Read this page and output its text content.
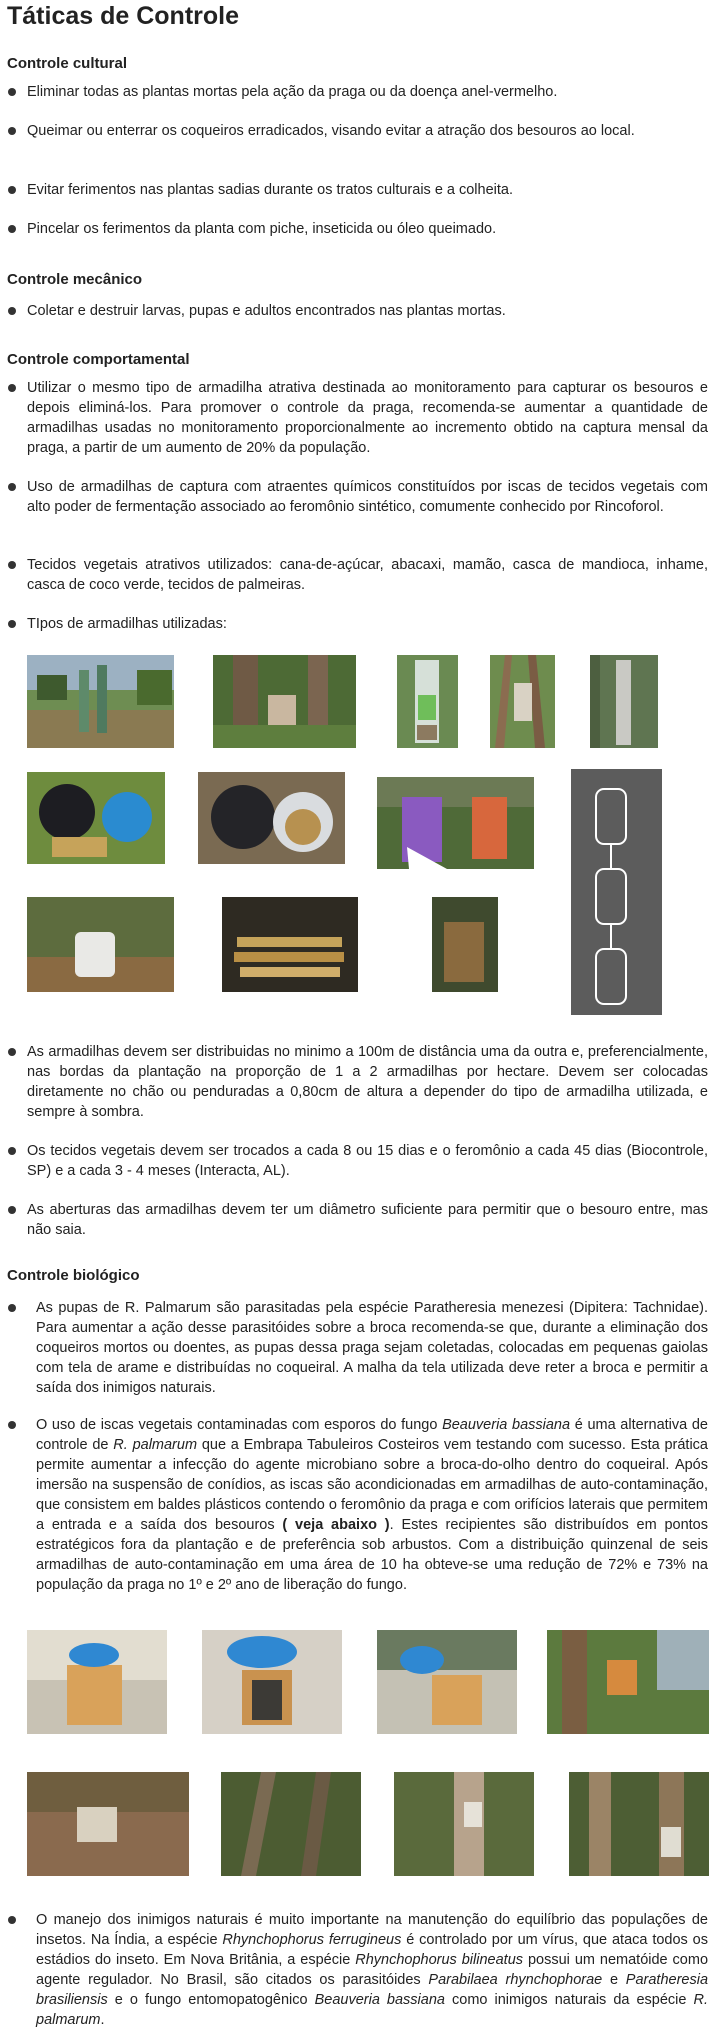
Táticas de Controle
Controle cultural

Eliminar todas as plantas mortas pela ação da praga ou da doença anel-vermelho.

Queimar ou enterrar os coqueiros erradicados, visando evitar a atração dos besouros ao local.

Evitar ferimentos nas plantas sadias durante os tratos culturais e a colheita.

Pincelar os ferimentos da planta com piche, inseticida ou óleo queimado.

Controle mecânico

Coletar e destruir larvas, pupas e adultos encontrados nas plantas mortas.

Controle comportamental

Utilizar o mesmo tipo de armadilha atrativa destinada ao monitoramento para capturar os besouros e depois eliminá-los. Para promover o controle da praga, recomenda-se aumentar a quantidade de armadilhas usadas no monitoramento proporcionalmente ao incremento obtido na captura mensal da praga, a partir de um aumento de 20% da população.

Uso de armadilhas de captura com atraentes químicos constituídos por iscas de tecidos vegetais com alto poder de fermentação associado ao feromônio sintético, comumente conhecido por Rincoforol.

Tecidos vegetais atrativos utilizados: cana-de-açúcar, abacaxi, mamão, casca de mandioca, inhame, casca de coco verde, tecidos de palmeiras.

TIpos de armadilhas utilizadas:

As armadilhas devem ser distribuidas no minimo a 100m de distância uma da outra e, preferencialmente, nas bordas da plantação na proporção de 1 a 2 armadilhas por hectare. Devem ser colocadas diretamente no chão ou penduradas a 0,80cm de altura a depender do tipo de armadilha utilizada, e sempre à sombra.

Os tecidos vegetais devem ser trocados a cada 8 ou 15 dias e o feromônio a cada 45 dias (Biocontrole, SP) e a cada 3 - 4 meses (Interacta, AL).

As aberturas das armadilhas devem ter um diâmetro suficiente para permitir que o besouro entre, mas não saia.

Controle biológico

As pupas de R. Palmarum são parasitadas pela espécie Paratheresia menezesi (Dipitera: Tachnidae). Para aumentar a ação desse parasitóides sobre a broca recomenda-se que, durante a eliminação dos coqueiros mortos ou doentes, as pupas dessa praga sejam coletadas, colocadas em pequenas gaiolas com tela de arame e distribuídas no coqueiral. A malha da tela utilizada deve reter a broca e permitir a saída dos inimigos naturais.

O uso de iscas vegetais contaminadas com esporos do fungo Beauveria bassiana é uma alternativa de controle de R. palmarum que a Embrapa Tabuleiros Costeiros vem testando com sucesso. Esta prática permite aumentar a infecção do agente microbiano sobre a broca-do-olho dentro do coqueiral. Após imersão na suspensão de conídios, as iscas são acondicionadas em armadilhas de auto-contaminação, que consistem em baldes plásticos contendo o feromônio da praga e com orifícios laterais que permitem a entrada e a saída dos besouros ( veja abaixo ). Estes recipientes são distribuídos em pontos estratégicos fora da plantação e de preferência sob arbustos. Com a distribuição quinzenal de seis armadilhas de auto-contaminação em uma área de 10 ha obteve-se uma redução de 72% e 73% na população da praga no 1º e 2º ano de liberação do fungo.

O manejo dos inimigos naturais é muito importante na manutenção do equilíbrio das populações de insetos. Na Índia, a espécie Rhynchophorus ferrugineus é controlado por um vírus, que ataca todos os estádios do inseto. Em Nova Britânia, a espécie Rhynchophorus bilineatus possui um nematóide como agente regulador. No Brasil, são citados os parasitóides Parabilaea rhynchophorae e Paratheresia brasiliensis e o fungo entomopatogênico Beauveria bassiana como inimigos naturais da espécie R. palmarum.
